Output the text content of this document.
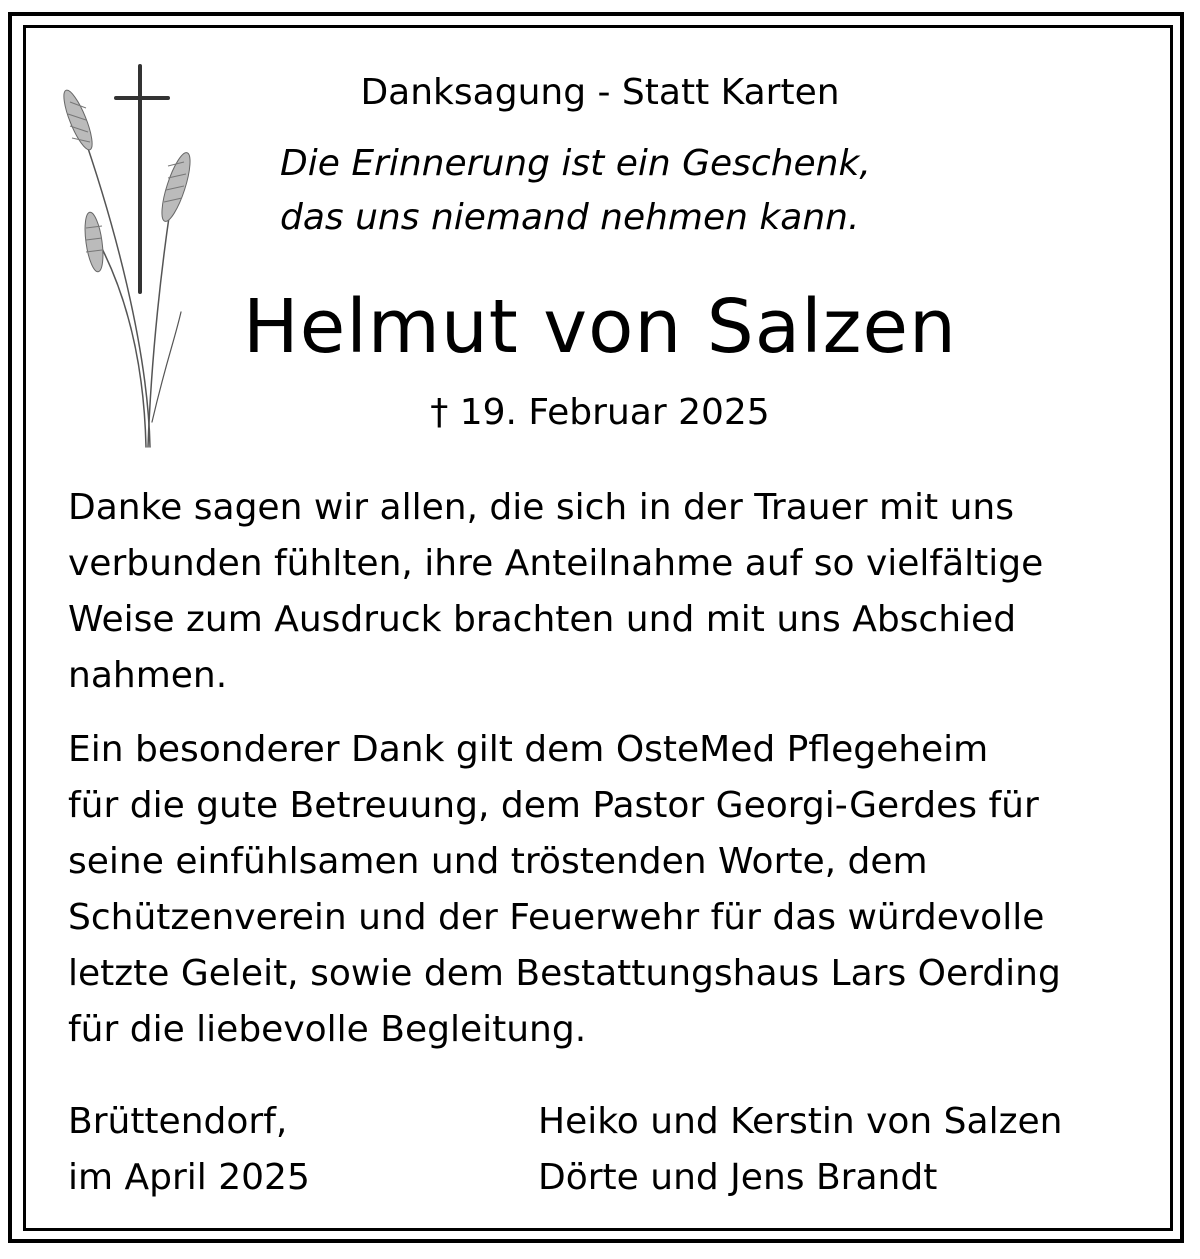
Danksagung - Statt Karten
Die Erinnerung ist ein Geschenk,
das uns niemand nehmen kann.
Helmut von Salzen
† 19. Februar 2025
Danke sagen wir allen, die sich in der Trauer mit uns
verbunden fühlten, ihre Anteilnahme auf so vielfältige
Weise zum Ausdruck brachten und mit uns Abschied
nahmen.
Ein besonderer Dank gilt dem OsteMed Pflegeheim
für die gute Betreuung, dem Pastor Georgi-Gerdes für
seine einfühlsamen und tröstenden Worte, dem
Schützenverein und der Feuerwehr für das würdevolle
letzte Geleit, sowie dem Bestattungshaus Lars Oerding
für die liebevolle Begleitung.
Brüttendorf,
im April 2025
Heiko und Kerstin von Salzen
Dörte und Jens Brandt
